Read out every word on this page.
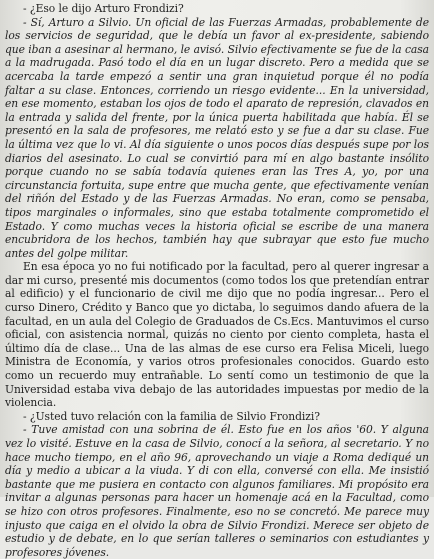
- ¿Eso le dijo Arturo Frondizi?

- Sí, Arturo a Silvio. Un oficial de las Fuerzas Armadas, probablemente de los servicios de seguridad, que le debía un favor al ex-presidente, sabiendo que iban a asesinar al hermano, le avisó. Silvio efectivamente se fue de la casa a la madrugada. Pasó todo el día en un lugar discreto. Pero a medida que se acercaba la tarde empezó a sentir una gran inquietud porque él no podía faltar a su clase. Entonces, corriendo un riesgo evidente... En la universidad, en ese momento, estaban los ojos de todo el aparato de represión, clavados en la entrada y salida del frente, por la única puerta habilitada que había. Él se presentó en la sala de profesores, me relató esto y se fue a dar su clase. Fue la última vez que lo vi. Al día siguiente o unos pocos días después supe por los diarios del asesinato. Lo cual se convirtió para mí en algo bastante insólito porque cuando no se sabía todavía quienes eran las Tres A, yo, por una circunstancia fortuita, supe entre que mucha gente, que efectivamente venían del riñón del Estado y de las Fuerzas Armadas. No eran, como se pensaba, tipos marginales o informales, sino que estaba totalmente comprometido el Estado. Y como muchas veces la historia oficial se escribe de una manera encubridora de los hechos, también hay que subrayar que esto fue mucho antes del golpe militar.

En esa época yo no fui notificado por la facultad, pero al querer ingresar a dar mi curso, presenté mis documentos (como todos los que pretendían entrar al edificio) y el funcionario de civil me dijo que no podía ingresar... Pero el curso Dinero, Crédito y Banco que yo dictaba, lo seguimos dando afuera de la facultad, en un aula del Colegio de Graduados de Cs.Ecs. Mantuvimos el curso oficial, con asistencia normal, quizás no ciento por ciento completa, hasta el último día de clase... Una de las almas de ese curso era Felisa Miceli, luego Ministra de Economía, y varios otros profesionales conocidos. Guardo esto como un recuerdo muy entrañable. Lo sentí como un testimonio de que la Universidad estaba viva debajo de las autoridades impuestas por medio de la violencia.

- ¿Usted tuvo relación con la familia de Silvio Frondizi?

- Tuve amistad con una sobrina de él. Esto fue en los años '60. Y alguna vez lo visité. Estuve en la casa de Silvio, conocí a la señora, al secretario. Y no hace mucho tiempo, en el año 96, aprovechando un viaje a Roma dediqué un día y medio a ubicar a la viuda. Y di con ella, conversé con ella. Me insistió bastante que me pusiera en contacto con algunos familiares. Mi propósito era invitar a algunas personas para hacer un homenaje acá en la Facultad, como se hizo con otros profesores. Finalmente, eso no se concretó. Me parece muy injusto que caiga en el olvido la obra de Silvio Frondizi. Merece ser objeto de estudio y de debate, en lo que serían talleres o seminarios con estudiantes y profesores jóvenes.
